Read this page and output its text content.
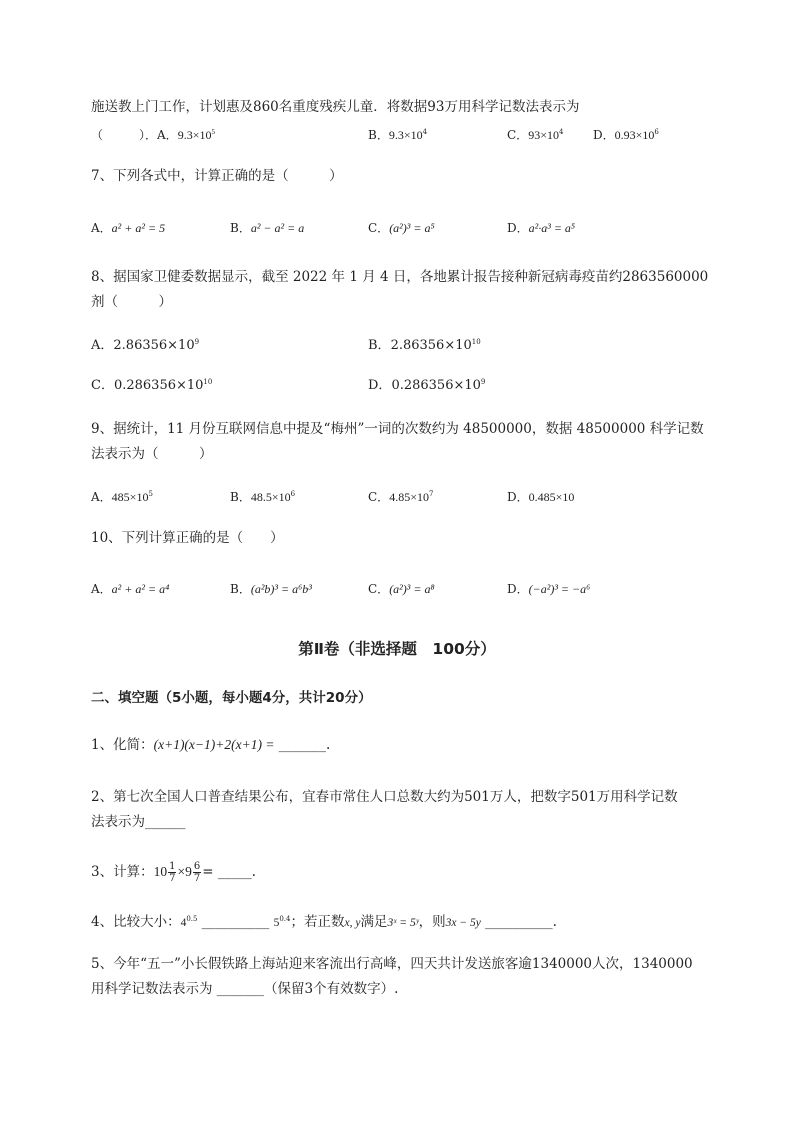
施送教上门工作，计划惠及860名重度残疾儿童．将数据93万用科学记数法表示为
（　　　）．A．$9.3\times 10^5$	B．$9.3\times 10^4$	C．$93\times 10^4$ D．$0.93\times 10^6$
7、下列各式中，计算正确的是（　　　）
A．a² + a² = 5	B．a² − a² = a	C．(a²)³ = a⁵	D．a²·a³ = a⁵
8、据国家卫健委数据显示，截至 2022 年 1 月 4 日，各地累计报告接种新冠病毒疫苗约2863560000
剂（　　　）
A．$2.86356\times 10^9$	B．$2.86356\times 10^{10}$
C．$0.286356\times 10^{10}$	D．$0.286356\times 10^9$
9、据统计，11 月份互联网信息中提及“梅州”一词的次数约为 48500000，数据 48500000 科学记数
法表示为（　　　）
A．$485\times 10^5$	B．$48.5\times 10^6$	C．$4.85\times 10^7$	D．0.485×10
10、下列计算正确的是（　　）
A．a² + a² = a⁴	B．(a²b)³ = a⁶b³	C．(a²)³ = a⁸	D．(−a²)³ = −a⁶
第Ⅱ卷（非选择题　100分）
二、填空题（5小题，每小题4分，共计20分）
1、化简：(x+1)(x−1)+2(x+1) = _______.
2、第七次全国人口普查结果公布，宜春市常住人口总数大约为501万人，把数字501万用科学记数
法表示为______
3、计算：$10 \frac{1}{7} \times 9 \frac{6}{7}$ = _____.
4、比较大小：$4^{0.5}$ __________ $5^{0.4}$；若正数x, y满足3ˣ = 5ʸ，则3x − 5y __________.
5、今年“五一”小长假铁路上海站迎来客流出行高峰，四天共计发送旅客逾1340000人次，1340000
用科学记数法表示为 _______（保留3个有效数字）.
